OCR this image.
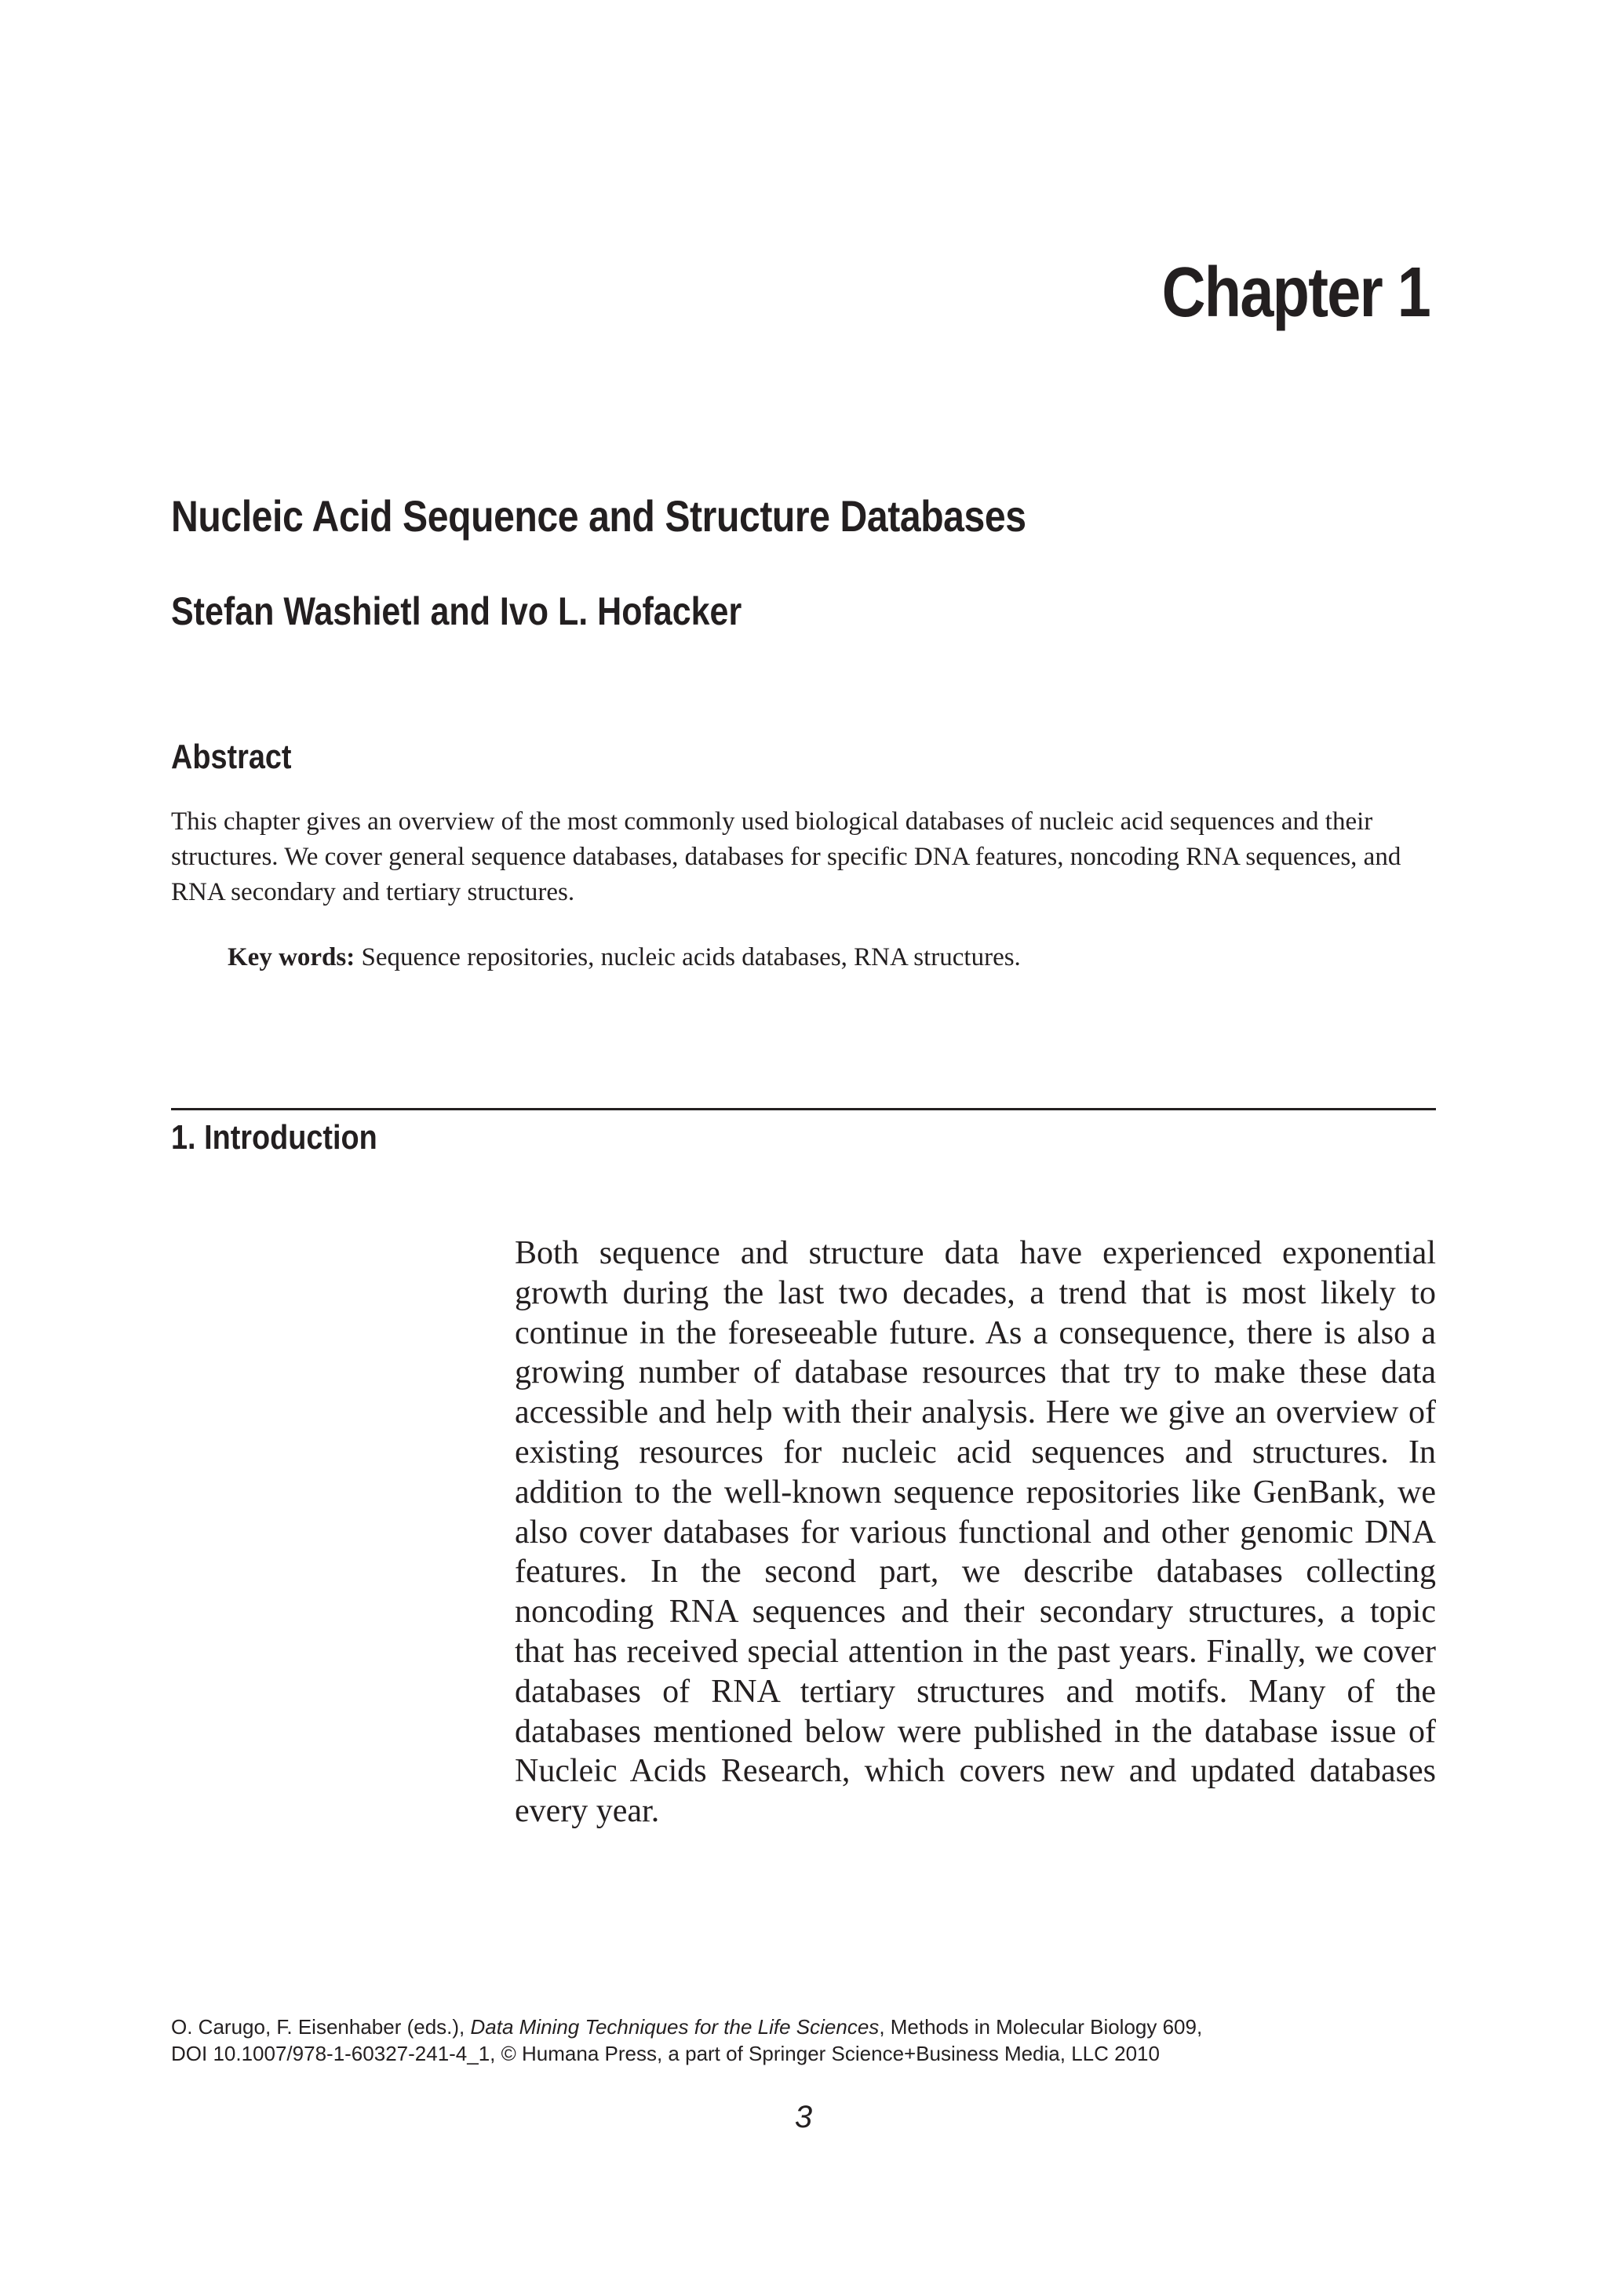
Chapter 1
Nucleic Acid Sequence and Structure Databases
Stefan Washietl and Ivo L. Hofacker
Abstract

This chapter gives an overview of the most commonly used biological databases of nucleic acid sequences and their structures. We cover general sequence databases, databases for specific DNA features, noncoding RNA sequences, and RNA secondary and tertiary structures.

Key words: Sequence repositories, nucleic acids databases, RNA structures.

1. Introduction

Both sequence and structure data have experienced exponential growth during the last two decades, a trend that is most likely to continue in the foreseeable future. As a consequence, there is also a growing number of database resources that try to make these data accessible and help with their analysis. Here we give an overview of existing resources for nucleic acid sequences and structures. In addition to the well-known sequence repositories like GenBank, we also cover databases for various functional and other genomic DNA features. In the second part, we describe databases collecting noncoding RNA sequences and their secondary structures, a topic that has received special attention in the past years. Finally, we cover databases of RNA tertiary structures and motifs. Many of the databases mentioned below were published in the database issue of Nucleic Acids Research, which covers new and updated databases every year.

O. Carugo, F. Eisenhaber (eds.), Data Mining Techniques for the Life Sciences, Methods in Molecular Biology 609,
DOI 10.1007/978-1-60327-241-4_1, © Humana Press, a part of Springer Science+Business Media, LLC 2010
3
